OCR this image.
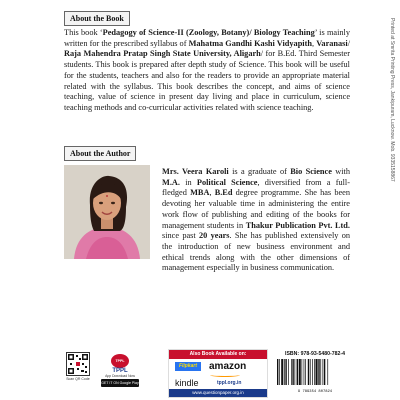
About the Book

This book ‘Pedagogy of Science-II (Zoology, Botany)/ Biology Teaching’ is mainly written for the prescribed syllabus of Mahatma Gandhi Kashi Vidyapith, Varanasi/ Raja Mahendra Pratap Singh State University, Aligarh/ for B.Ed. Third Semester students. This book is prepared after depth study of Science. This book will be useful for the students, teachers and also for the readers to provide an appropriate material related with the syllabus. This book describes the concept, and aims of science teaching, value of science in present day living and place in curriculum, science teaching methods and co-curricular activities related with science teaching.

About the Author

Mrs. Veera Karoli is a graduate of Bio Science with M.A. in Political Science, diversified from a full-fledged MBA, B.Ed degree programme. She has been devoting her valuable time in administering the entire work flow of publishing and editing of the books for management students in Thakur Publication Pvt. Ltd. since past 20 years. She has published extensively on the introduction of new business environment and ethical trends along with the other dimensions of management especially in business communication.

Printed at Smrita Printing Press, Jankipuram, Lucknow. Mob. 9335158867
Scan QR Code
TPPL
TPPL
App Download Now
GET IT ON Google Play
Also Book Available on:
Flipkart	amazon
kindle	tppl.org.in
www.questionpaper.org.in
ISBN: 978-93-5480-782-4
9 789354 807824
